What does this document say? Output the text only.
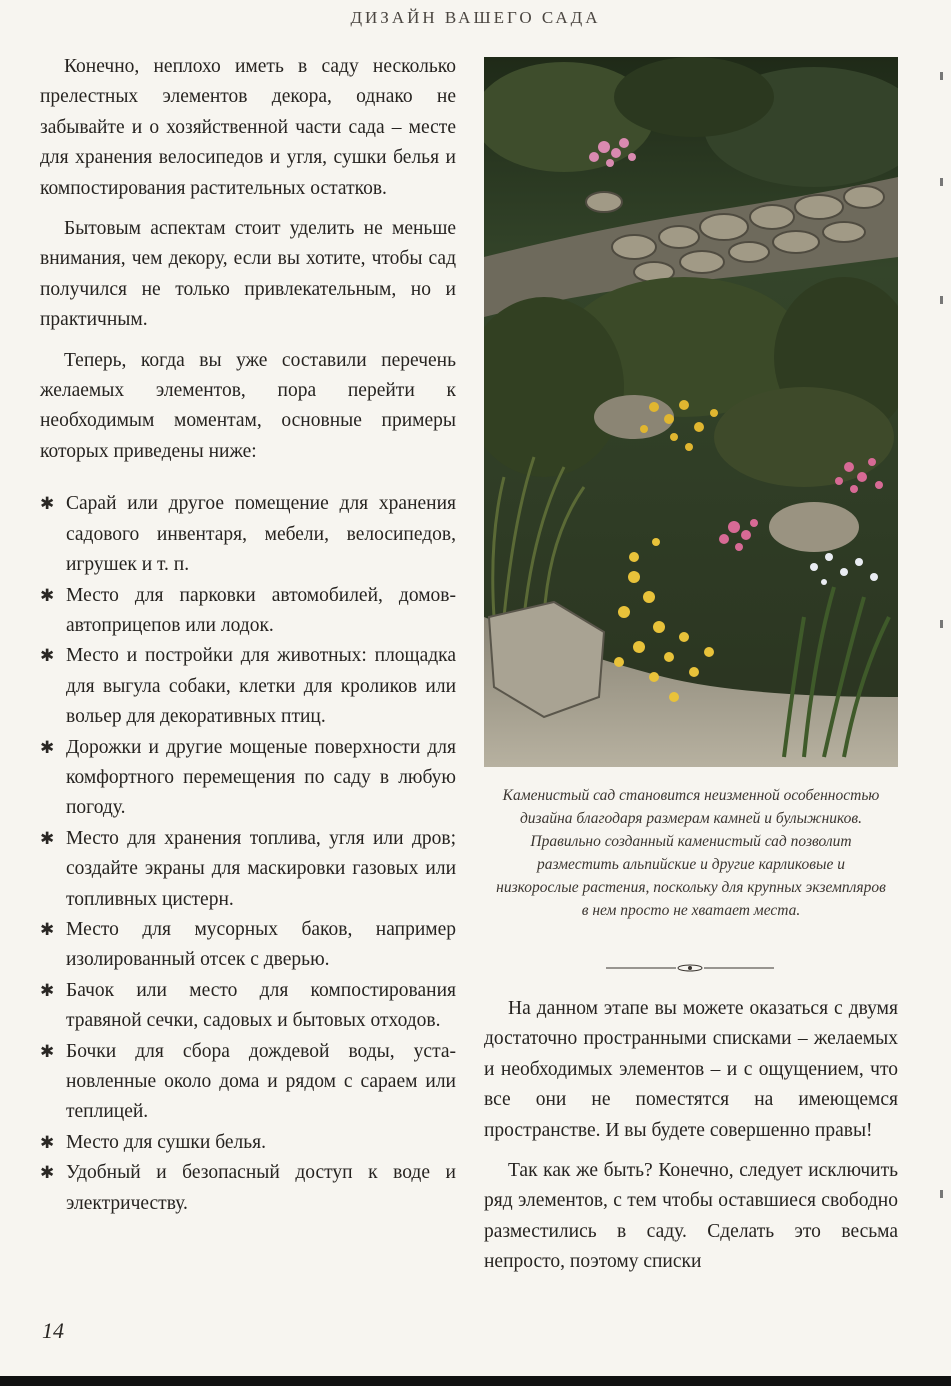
ДИЗАЙН ВАШЕГО САДА

Конечно, неплохо иметь в саду несколько прелестных элементов декора, однако не забывайте и о хозяйственной части сада – месте для хранения велосипедов и угля, сушки белья и компостирования растительных остатков.

Бытовым аспектам стоит уделить не меньше внимания, чем декору, если вы хотите, чтобы сад получился не только привлекательным, но и практичным.

Теперь, когда вы уже составили перечень желаемых элементов, пора перейти к необходимым моментам, основные примеры которых приведены ниже:

✱ Сарай или другое помещение для хранения садового инвентаря, мебели, велосипедов, игрушек и т. п.
✱ Место для парковки автомобилей, домов-автоприцепов или лодок.
✱ Место и постройки для животных: площадка для выгула собаки, клетки для кроликов или вольер для декоративных птиц.
✱ Дорожки и другие мощеные поверхности для комфортного перемещения по саду в любую погоду.
✱ Место для хранения топлива, угля или дров; создайте экраны для маскировки газовых или топливных цистерн.
✱ Место для мусорных баков, например изолированный отсек с дверью.
✱ Бачок или место для компостирования травяной сечки, садовых и бытовых отходов.
✱ Бочки для сбора дождевой воды, установленные около дома и рядом с сараем или теплицей.
✱ Место для сушки белья.
✱ Удобный и безопасный доступ к воде и электричеству.
Каменистый сад становится неизменной особенностью дизайна благодаря размерам камней и булыжников. Правильно созданный каменистый сад позволит разместить альпийские и другие карликовые и низкорослые растения, поскольку для крупных экземпляров в нем просто не хватает места.

На данном этапе вы можете оказаться с двумя достаточно пространными списками – желаемых и необходимых элементов – и с ощущением, что все они не поместятся на имеющемся пространстве. И вы будете совершенно правы!

Так как же быть? Конечно, следует исключить ряд элементов, с тем чтобы оставшиеся свободно разместились в саду. Сделать это весьма непросто, поэтому списки

14
